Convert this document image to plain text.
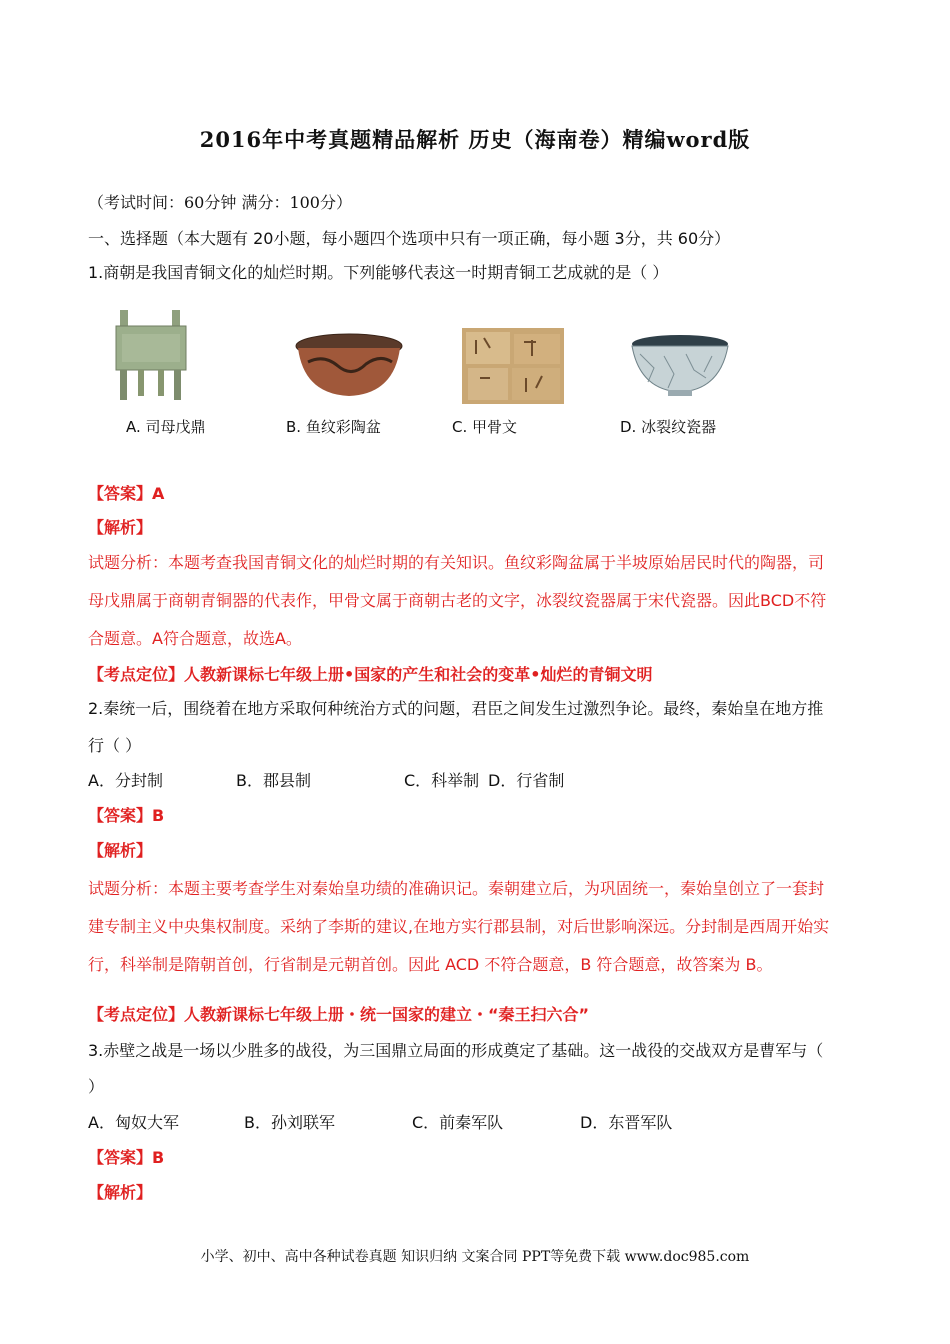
2016年中考真题精品解析 历史（海南卷）精编word版
（考试时间：60分钟 满分：100分）
一、选择题（本大题有 20小题，每小题四个选项中只有一项正确，每小题 3分，共 60分）
1.商朝是我国青铜文化的灿烂时期。下列能够代表这一时期青铜工艺成就的是（ ）
A. 司母戊鼎	B. 鱼纹彩陶盆	C. 甲骨文	D. 冰裂纹瓷器
【答案】A
【解析】
试题分析：本题考查我国青铜文化的灿烂时期的有关知识。鱼纹彩陶盆属于半坡原始居民时代的陶器，司
母戊鼎属于商朝青铜器的代表作，甲骨文属于商朝古老的文字，冰裂纹瓷器属于宋代瓷器。因此BCD不符
合题意。A符合题意，故选A。
【考点定位】人教新课标七年级上册•国家的产生和社会的变革•灿烂的青铜文明
2.秦统一后，围绕着在地方采取何种统治方式的问题，君臣之间发生过激烈争论。最终，秦始皇在地方推
行（ ）
A．分封制	B．郡县制	C．科举制 D．行省制
【答案】B
【解析】
试题分析：本题主要考查学生对秦始皇功绩的准确识记。秦朝建立后，为巩固统一，秦始皇创立了一套封
建专制主义中央集权制度。采纳了李斯的建议,在地方实行郡县制，对后世影响深远。分封制是西周开始实
行，科举制是隋朝首创，行省制是元朝首创。因此 ACD 不符合题意，B 符合题意，故答案为 B。
【考点定位】人教新课标七年级上册・统一国家的建立・“秦王扫六合”
3.赤壁之战是一场以少胜多的战役，为三国鼎立局面的形成奠定了基础。这一战役的交战双方是曹军与（
）
A．匈奴大军	B．孙刘联军	C．前秦军队	D．东晋军队
【答案】B
【解析】
小学、初中、高中各种试卷真题 知识归纳 文案合同 PPT等免费下载 www.doc985.com
